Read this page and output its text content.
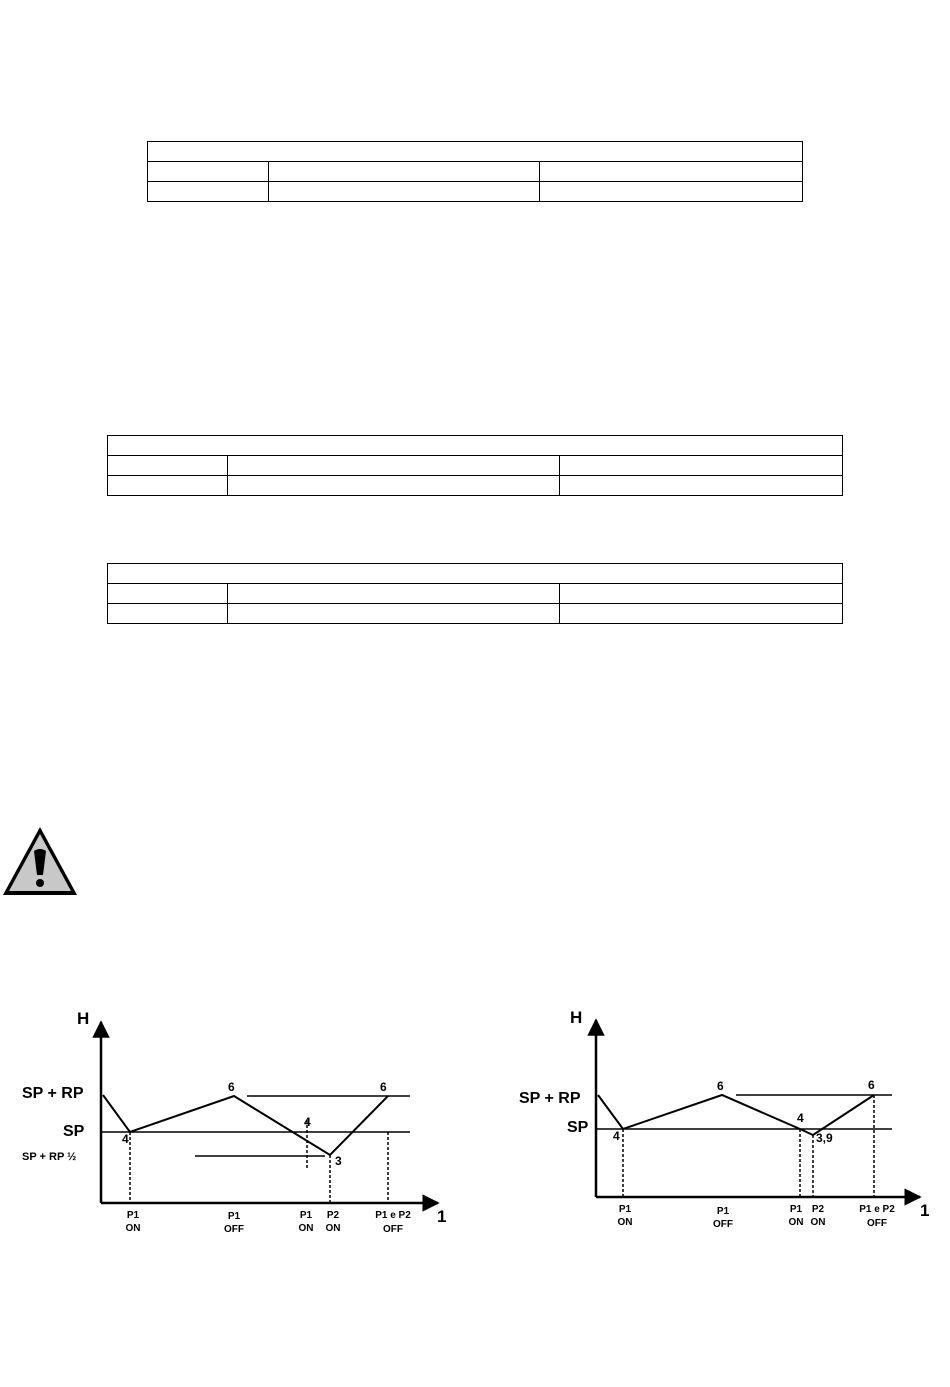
H
1
SP + RP
SP
SP + RP ½
4
6
4
3
6
P1
ON
P1
OFF
P1
ON
P2
ON
P1 e P2
OFF
H
1
SP + RP
SP 4
6
4
3,9
6
P1
ON
P1
OFF
P1
ON
P2
ON
P1 e P2
OFF
